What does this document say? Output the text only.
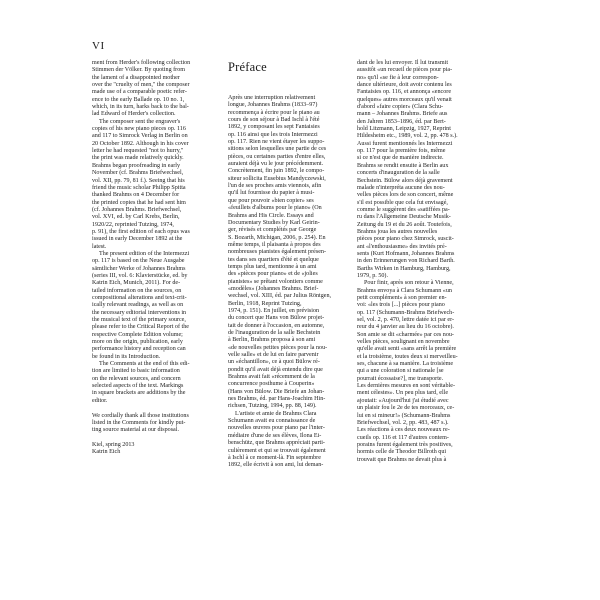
VI

ment from Herder's following collection

Stimmen der Völker. By quoting from

the lament of a disappointed mother

over the "cruelty of men," the composer

made use of a comparable poetic refer-

ence to the early Ballade op. 10 no. 1,

which, in its turn, harks back to the bal-

lad Edward of Herder's collection.

The composer sent the engraver's

copies of his new piano pieces op. 116

and 117 to Simrock Verlag in Berlin on

20 October 1892. Although in his cover

letter he had requested "not to hurry,"

the print was made relatively quickly.

Brahms began proofreading in early

November (cf. Brahms Briefwechsel,

vol. XII, pp. 79, 81 f.). Seeing that his

friend the music scholar Philipp Spitta

thanked Brahms on 4 December for

the printed copies that he had sent him

(cf. Johannes Brahms. Briefwechsel,

vol. XVI, ed. by Carl Krebs, Berlin,

1920/22, reprinted Tutzing, 1974,

p. 91), the first edition of each opus was

issued in early December 1892 at the

latest.

The present edition of the Intermezzi

op. 117 is based on the Neue Ausgabe

sämtlicher Werke of Johannes Brahms

(series III, vol. 6: Klavierstücke, ed. by

Katrin Eich, Munich, 2011). For de-

tailed information on the sources, on

compositional alterations and text-crit-

ically relevant readings, as well as on

the necessary editorial interventions in

the musical text of the primary source,

please refer to the Critical Report of the

respective Complete Edition volume;

more on the origin, publication, early

performance history and reception can

be found in its Introduction.

The Comments at the end of this edi-

tion are limited to basic information

on the relevant sources, and concern

selected aspects of the text. Markings

in square brackets are additions by the

editor.

We cordially thank all those institutions

listed in the Comments for kindly put-

ting source material at our disposal.

Kiel, spring 2013

Katrin Eich

Préface

Après une interruption relativement

longue, Johannes Brahms (1833–97)

recommença à écrire pour le piano au

cours de son séjour à Bad Ischl à l'été

1892, y composant les sept Fantaisies

op. 116 ainsi que les trois Intermezzi

op. 117. Rien ne vient étayer les suppo-

sitions selon lesquelles une partie de ces

pièces, ou certaines parties d'entre elles,

auraient déjà vu le jour précédemment.

Concrètement, fin juin 1892, le compo-

siteur sollicita Eusebius Mandyczewski,

l'un de ses proches amis viennois, afin

qu'il lui fournisse du papier à musi-

que pour pouvoir «bien copier» ses

«feuillets d'albums pour le piano» (On

Brahms and His Circle. Essays and

Documentary Studies by Karl Geirin-

ger, révisés et complétés par George

S. Bozarth, Michigan, 2006, p. 254). En

même temps, il plaisanta à propos des

nombreuses pianistes également présen-

tes dans ses quartiers d'été et quelque

temps plus tard, mentionne à un ami

des «pièces pour piano» et de «jolies

pianistes» se prêtant volontiers comme

«modèles» (Johannes Brahms. Brief-

wechsel, vol. XIII, éd. par Julius Röntgen,

Berlin, 1918, Reprint Tutzing,

1974, p. 151). En juillet, en prévision

du concert que Hans von Bülow projet-

tait de donner à l'occasion, en automne,

de l'inauguration de la salle Bechstein

à Berlin, Brahms proposa à son ami

«de nouvelles petites pièces pour la nou-

velle salle» et de lui en faire parvenir

un «échantillon», ce à quoi Bülow ré-

pondit qu'il avait déjà entendu dire que

Brahms avait fait «récemment de la

concurrence posthume à Couperin»

(Hans von Bülow. Die Briefe an Johan-

nes Brahms, éd. par Hans-Joachim Hin-

richsen, Tutzing, 1994, pp. 88, 149).

L'artiste et amie de Brahms Clara

Schumann avait eu connaissance de

nouvelles œuvres pour piano par l'inter-

médiaire d'une de ses élèves, Ilona Ei-

benschütz, que Brahms appréciait parti-

culièrement et qui se trouvait également

à Ischl à ce moment-là. Fin septembre

1892, elle écrivit à son ami, lui deman-

dant de les lui envoyer. Il lui transmit

aussitôt «un recueil de pièces pour pia-

no» qu'il «se fie à leur correspon-

dance ultérieure, doit avoir contenu les

Fantaisies op. 116, et annonça «encore

quelques» autres morceaux qu'il venait

d'abord «faire copier» (Clara Schu-

mann – Johannes Brahms. Briefe aus

den Jahren 1853–1896, éd. par Bert-

hold Litzmann, Leipzig, 1927, Reprint

Hildesheim etc., 1989, vol. 2, pp. 478 s.).

Aussi furent mentionnés les Intermezzi

op. 117 pour la première fois, même

si ce n'est que de manière indirecte.

Brahms se rendit ensuite à Berlin aux

concerts d'inauguration de la salle

Bechstein. Bülow alors déjà gravement

malade n'interpréta aucune des nou-

velles pièces lors de son concert, même

s'il est possible que cela fut envisagé,

comme le suggèrent des «satiffées pa-

ru dans l'Allgemeine Deutsche Musik-

Zeitung du 19 et du 26 août. Toutefois,

Brahms joua les autres nouvelles

pièces pour piano chez Simrock, suscit-

ant «l'enthousiasme» des invités pré-

sents (Kurt Hofmann, Johannes Brahms

in den Erinnerungen von Richard Barth.

Barths Wirken in Hamburg, Hamburg,

1979, p. 50).

Pour finir, après son retour à Vienne,

Brahms envoya à Clara Schumann «un

petit complément» à son premier en-

voi: «les trois [...] pièces pour piano

op. 117 (Schumann-Brahms Briefwech-

sel, vol. 2, p. 470, lettre datée ici par er-

reur du 4 janvier au lieu du 16 octobre).

Son amie se dit «charmée» par ces nou-

velles pièces, soulignant en novembre

qu'elle avait senti «sans arrêt la première

et la troisième, toutes deux si merveilleu-

ses, chacune à sa manière. La troisième

qui a une coloration si nationale [se

pourrait écossaise?], me transporte.

Les dernières mesures en sont véritable-

ment célestes». Un peu plus tard, elle

ajoutait: «Aujourd'hui j'ai étudié avec

un plaisir fou le 2e de tes morceaux, ce-

lui en si mineur!» (Schumann-Brahms

Briefwechsel, vol. 2, pp. 483, 487 s.).

Les réactions à ces deux nouveaux re-

cueils op. 116 et 117 d'autres contem-

porains furent également très positives,

hormis celle de Theodor Billroth qui

trouvait que Brahms ne devait plus à
